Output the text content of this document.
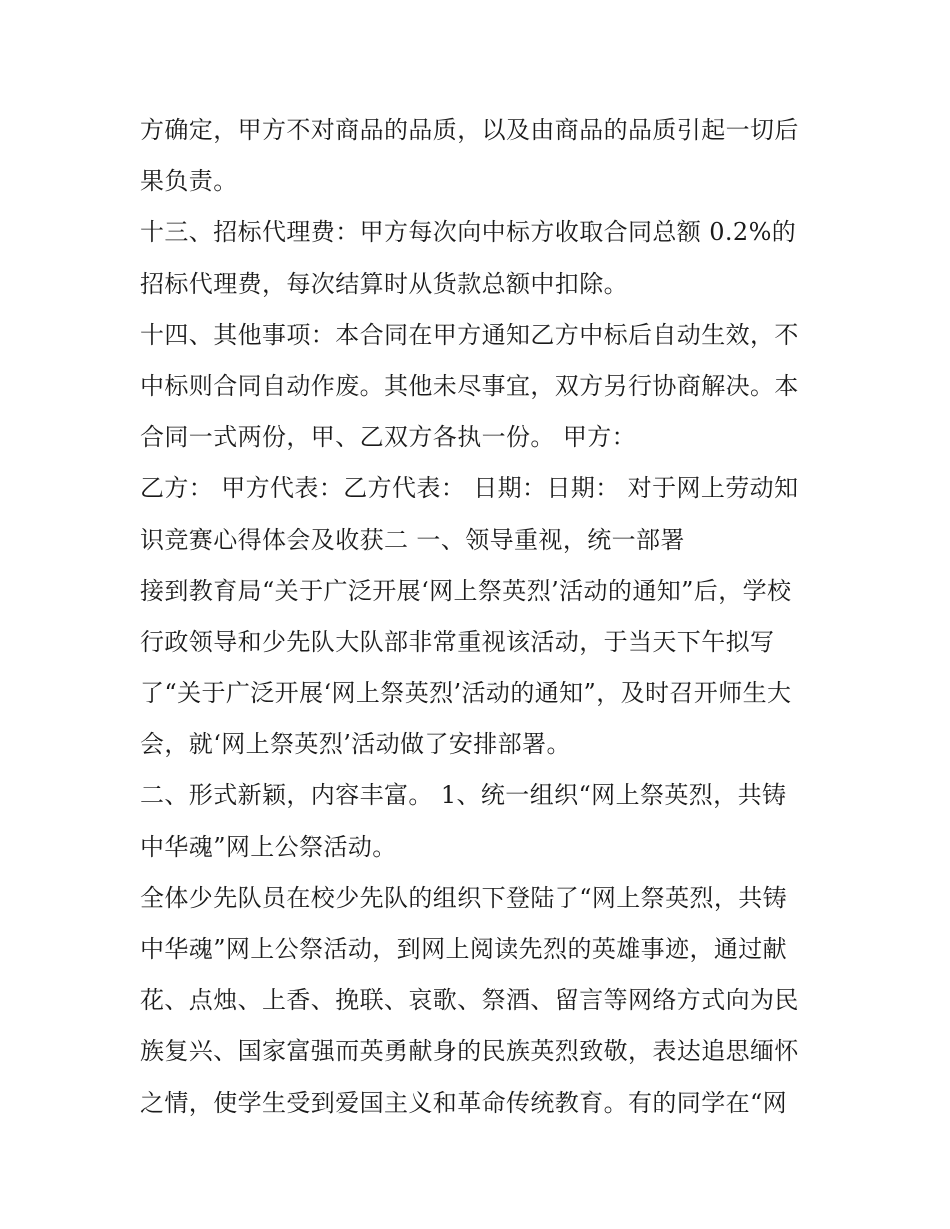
方确定，甲方不对商品的品质，以及由商品的品质引起一切后
果负责。
十三、招标代理费：甲方每次向中标方收取合同总额 0.2%的
招标代理费，每次结算时从货款总额中扣除。
十四、其他事项：本合同在甲方通知乙方中标后自动生效，不
中标则合同自动作废。其他未尽事宜，双方另行协商解决。本
合同一式两份，甲、乙双方各执一份。 甲方：
乙方： 甲方代表：乙方代表： 日期：日期： 对于网上劳动知
识竞赛心得体会及收获二 一、领导重视，统一部署
接到教育局“关于广泛开展‘网上祭英烈’活动的通知”后，学校
行政领导和少先队大队部非常重视该活动，于当天下午拟写
了“关于广泛开展‘网上祭英烈’活动的通知”，及时召开师生大
会，就‘网上祭英烈’活动做了安排部署。
二、形式新颖，内容丰富。 1、统一组织“网上祭英烈，共铸
中华魂”网上公祭活动。
全体少先队员在校少先队的组织下登陆了“网上祭英烈，共铸
中华魂”网上公祭活动，到网上阅读先烈的英雄事迹，通过献
花、点烛、上香、挽联、哀歌、祭酒、留言等网络方式向为民
族复兴、国家富强而英勇献身的民族英烈致敬，表达追思缅怀
之情，使学生受到爱国主义和革命传统教育。有的同学在“网
